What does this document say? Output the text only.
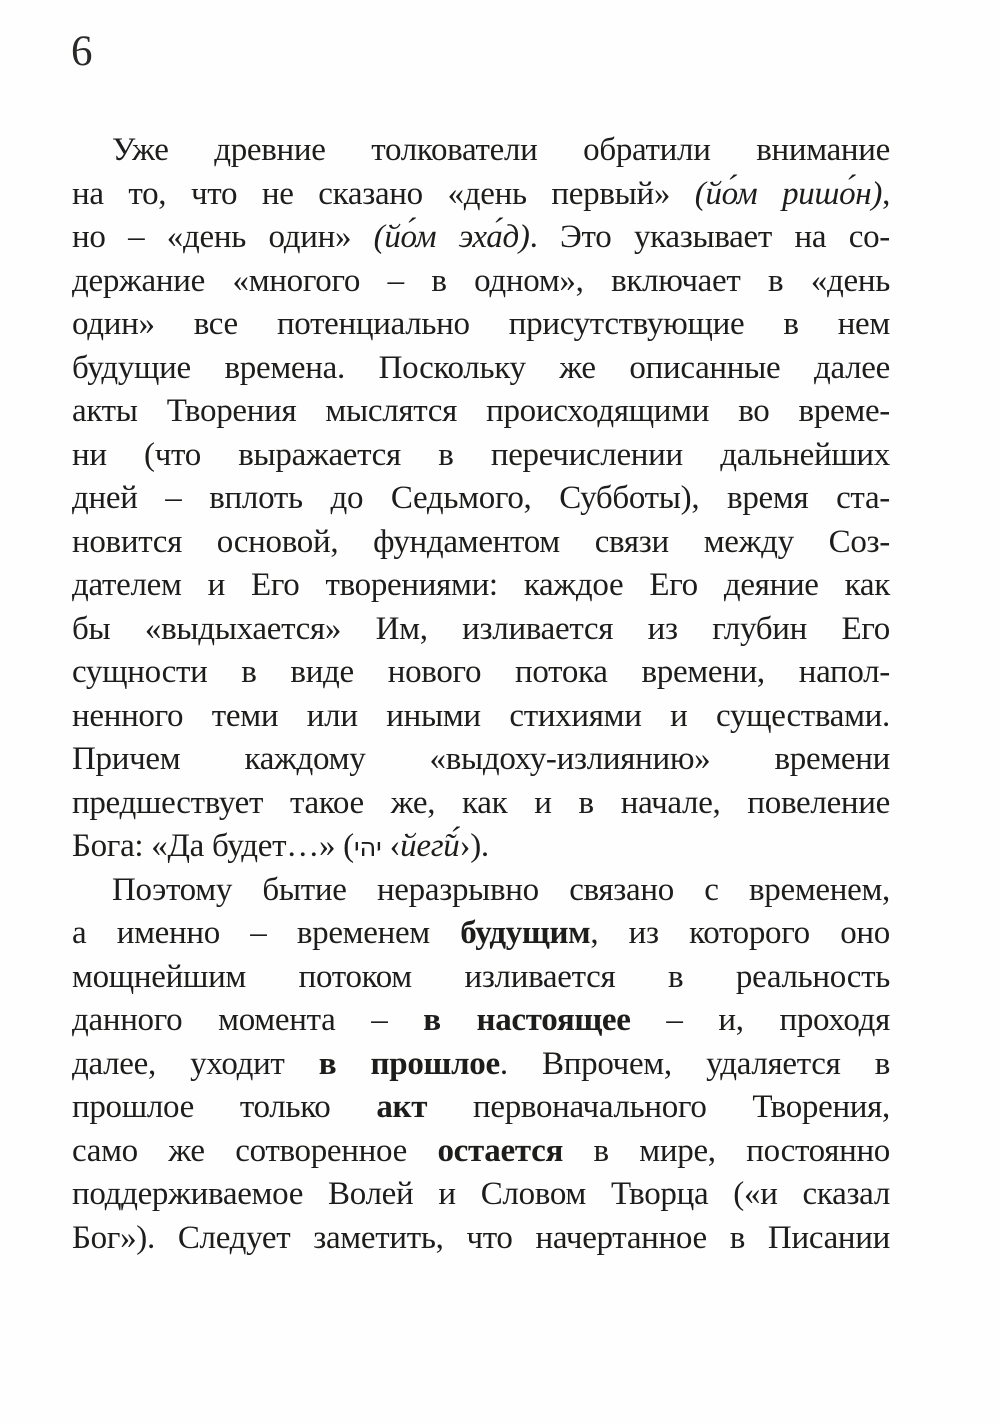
6
Уже древние толкователи обратили внимание
на то, что не сказано «день первый» (йо́м ришо́н),
но – «день один» (йо́м эха́д). Это указывает на со-
держание «многого – в одном», включает в «день
один» все потенциально присутствующие в нем
будущие времена. Поскольку же описанные далее
акты Творения мыслятся происходящими во време-
ни (что выражается в перечислении дальнейших
дней – вплоть до Седьмого, Субботы), время ста-
новится основой, фундаментом связи между Соз-
дателем и Его творениями: каждое Его деяние как
бы «выдыхается» Им, изливается из глубин Его
сущности в виде нового потока времени, напол-
ненного теми или иными стихиями и существами.
Причем каждому «выдоху-излиянию» времени
предшествует такое же, как и в начале, повеление
Бога: «Да будет…» (יהי ‹йег̃и́›).
Поэтому бытие неразрывно связано с временем,
а именно – временем будущим, из которого оно
мощнейшим потоком изливается в реальность
данного момента – в настоящее – и, проходя
далее, уходит в прошлое. Впрочем, удаляется в
прошлое только акт первоначального Творения,
само же сотворенное остается в мире, постоянно
поддерживаемое Волей и Словом Творца («и сказал
Бог»). Следует заметить, что начертанное в Писании
